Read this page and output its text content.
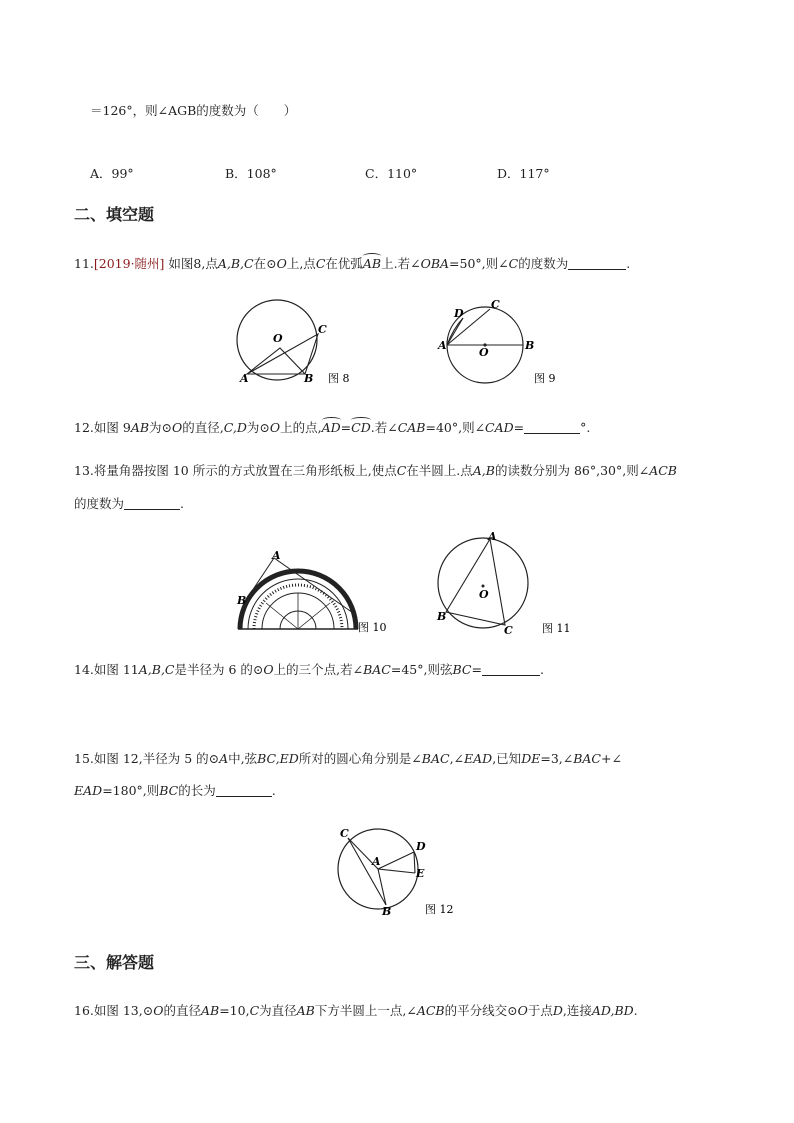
＝126°，则∠AGB的度数为（　　）
A．99°	B．108°	C．110°	D．117°
二、填空题
11.[2019·随州] 如图8,点A,B,C在⊙O上,点C在优弧AB上.若∠OBA=50°,则∠C的度数为	.
O
C
A	B 图 8
D
C
A
O
B
图 9
12.如图 9AB为⊙O的直径,C,D为⊙O上的点,AD=CD.若∠CAB=40°,则∠CAD=	°.
13.将量角器按图 10 所示的方式放置在三角形纸板上,使点C在半圆上.点A,B的读数分别为 86°,30°,则∠ACB
的度数为	.
A
B
图 10
A
O
B
C	图 11
14.如图 11A,B,C是半径为 6 的⊙O上的三个点,若∠BAC=45°,则弦BC=	.
15.如图 12,半径为 5 的⊙A中,弦BC,ED所对的圆心角分别是∠BAC,∠EAD,已知DE=3,∠BAC+∠
EAD=180°,则BC的长为	.
C
D
A
E
B	图 12
三、解答题
16.如图 13,⊙O的直径AB=10,C为直径AB下方半圆上一点,∠ACB的平分线交⊙O于点D,连接AD,BD.
